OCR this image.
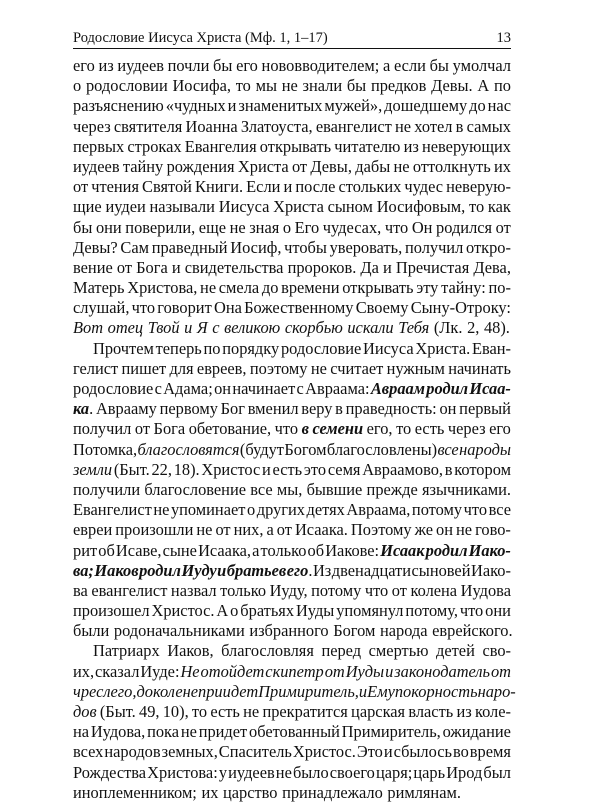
Родословие Иисуса Христа (Мф. 1, 1–17)	13
его из иудеев почли бы его нововводителем; а если бы умолчал
о родословии Иосифа, то мы не знали бы предков Девы. А по
разъяснению «чудных и знаменитых мужей», дошедшему до нас
через святителя Иоанна Златоуста, евангелист не хотел в самых
первых строках Евангелия открывать читателю из неверующих
иудеев тайну рождения Христа от Девы, дабы не оттолкнуть их
от чтения Святой Книги. Если и после стольких чудес неверую-
щие иудеи называли Иисуса Христа сыном Иосифовым, то как
бы они поверили, еще не зная о Его чудесах, что Он родился от
Девы? Сам праведный Иосиф, чтобы уверовать, получил откро-
вение от Бога и свидетельства пророков. Да и Пречистая Дева,
Матерь Христова, не смела до времени открывать эту тайну: по-
слушай, что говорит Она Божественному Своему Сыну-Отроку:
Вот отец Твой и Я с великою скорбью искали Тебя (Лк. 2, 48).
Прочтем теперь по порядку родословие Иисуса Христа. Еван-
гелист пишет для евреев, поэтому не считает нужным начинать
родословие с Адама; он начинает с Авраама: Авраам родил Исаа-
ка. Аврааму первому Бог вменил веру в праведность: он первый
получил от Бога обетование, что в семени его, то есть через его
Потомка, благословятся (будут Богом благословлены) все народы
земли (Быт. 22, 18). Христос и есть это семя Авраамово, в котором
получили благословение все мы, бывшие прежде язычниками.
Евангелист не упоминает о других детях Авраама, потому что все
евреи произошли не от них, а от Исаака. Поэтому же он не гово-
рит об Исаве, сыне Исаака, а только об Иакове: Исаак родил Иако-
ва; Иаков родил Иуду и братьев его. Из двенадцати сыновей Иако-
ва евангелист назвал только Иуду, потому что от колена Иудова
произошел Христос. А о братьях Иуды упомянул потому, что они
были родоначальниками избранного Богом народа еврейского.
Патриарх Иаков, благословляя перед смертью детей сво-
их, сказал Иуде: Не отойдет скипетр от Иуды и законодатель от
чресл его, доколе не приидет Примиритель, и Ему покорность наро-
дов (Быт. 49, 10), то есть не прекратится царская власть из коле-
на Иудова, пока не придет обетованный Примиритель, ожидание
всех народов земных, Спаситель Христос. Это и сбылось во время
Рождества Христова: у иудеев не было своего царя; царь Ирод был
иноплеменником; их царство принадлежало римлянам.
